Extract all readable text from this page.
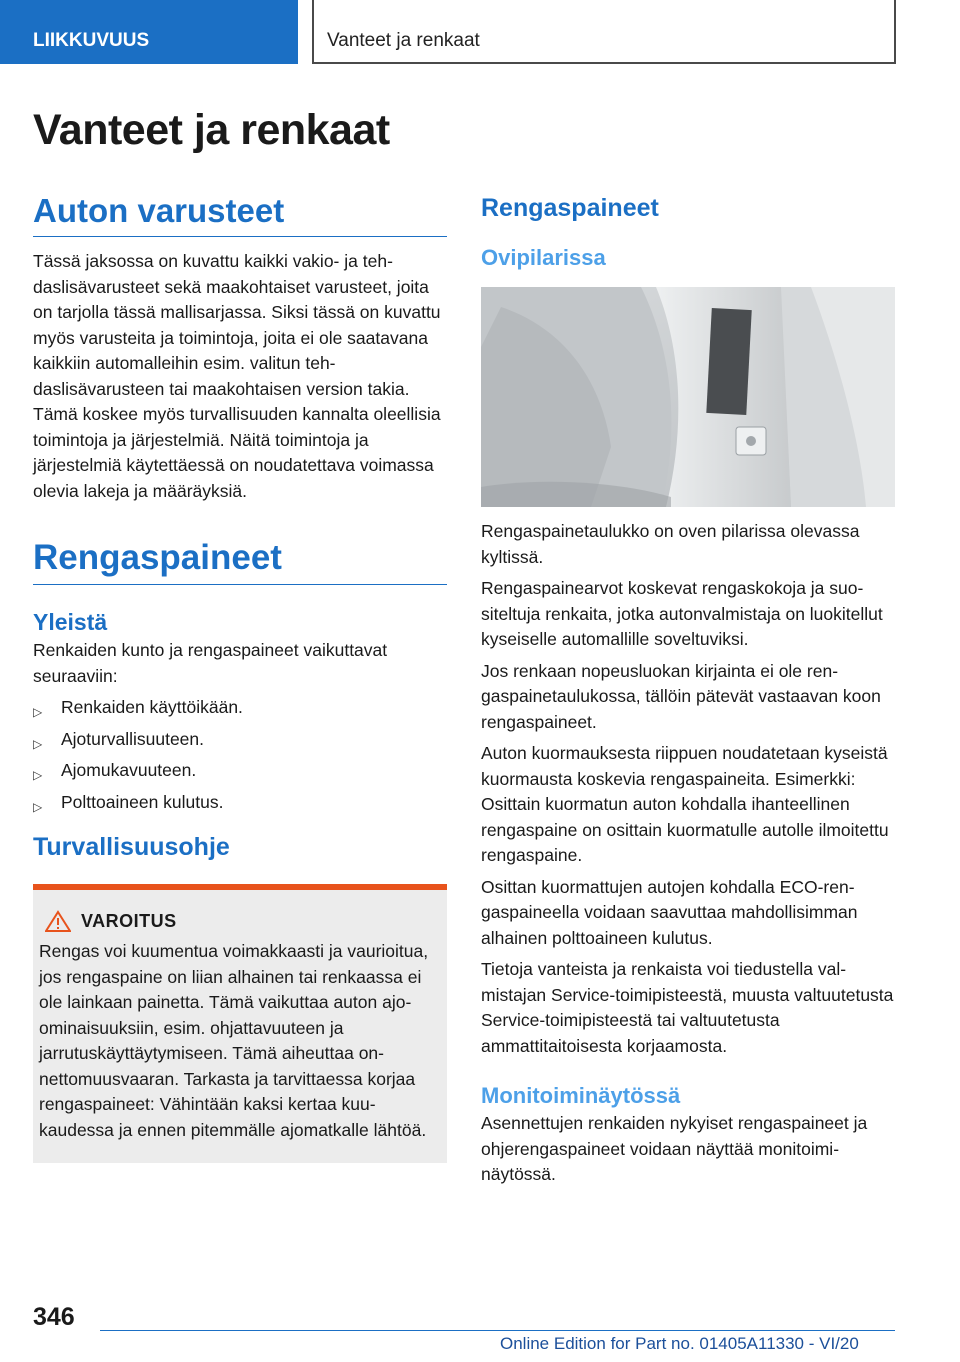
LIIKKUVUUS	Vanteet ja renkaat
Vanteet ja renkaat
Auton varusteet

Tässä jaksossa on kuvattu kaikki vakio- ja tehdaslisävarusteet sekä maakohtaiset varusteet, joita on tarjolla tässä mallisarjassa. Siksi tässä on kuvattu myös varusteita ja toimintoja, joita ei ole saatavana kaikkiin automalleihin esim. valitun tehdaslisävarusteen tai maakohtaisen version takia. Tämä koskee myös turvallisuuden kannalta oleellisia toimintoja ja järjestelmiä. Näitä toimintoja ja järjestelmiä käytettäessä on noudatettava voimassa olevia lakeja ja määräyksiä.

Rengaspaineet
Yleistä

Renkaiden kunto ja rengaspaineet vaikuttavat seuraaviin:

▷ Renkaiden käyttöikään.
▷ Ajoturvallisuuteen.
▷ Ajomukavuuteen.
▷ Polttoaineen kulutus.
Turvallisuusohje
VAROITUS

Rengas voi kuumentua voimakkaasti ja vaurioitua, jos rengaspaine on liian alhainen tai renkaassa ei ole lainkaan painetta. Tämä vaikuttaa auton ajo-ominaisuuksiin, esim. ohjattavuuteen ja jarrutuskäyttäytymiseen. Tämä aiheuttaa onnettomuusvaaran. Tarkasta ja tarvittaessa korjaa rengaspaineet: Vähintään kaksi kertaa kuukaudessa ja ennen pitemmälle ajomatkalle lähtöä.

Rengaspaineet
Ovipilarissa

Rengaspainetaulukko on oven pilarissa olevassa kyltissä.

Rengaspainearvot koskevat rengaskokoja ja suositeltuja renkaita, jotka autonvalmistaja on luokitellut kyseiselle automallille soveltuviksi.

Jos renkaan nopeusluokan kirjainta ei ole rengaspainetaulukossa, tällöin pätevät vastaavan koon rengaspaineet.

Auton kuormauksesta riippuen noudatetaan kyseistä kuormausta koskevia rengaspaineita. Esimerkki: Osittain kuormatun auton kohdalla ihanteellinen rengaspaine on osittain kuormatulle autolle ilmoitettu rengaspaine.

Osittan kuormattujen autojen kohdalla ECO-rengaspaineella voidaan saavuttaa mahdollisimman alhainen polttoaineen kulutus.

Tietoja vanteista ja renkaista voi tiedustella valmistajan Service-toimipisteestä, muusta valtuutetusta Service-toimipisteestä tai valtuutetusta ammattitaitoisesta korjaamosta.

Monitoiminäytössä

Asennettujen renkaiden nykyiset rengaspaineet ja ohjerengaspaineet voidaan näyttää monitoiminäytössä.

346
Online Edition for Part no. 01405A11330 - VI/20
